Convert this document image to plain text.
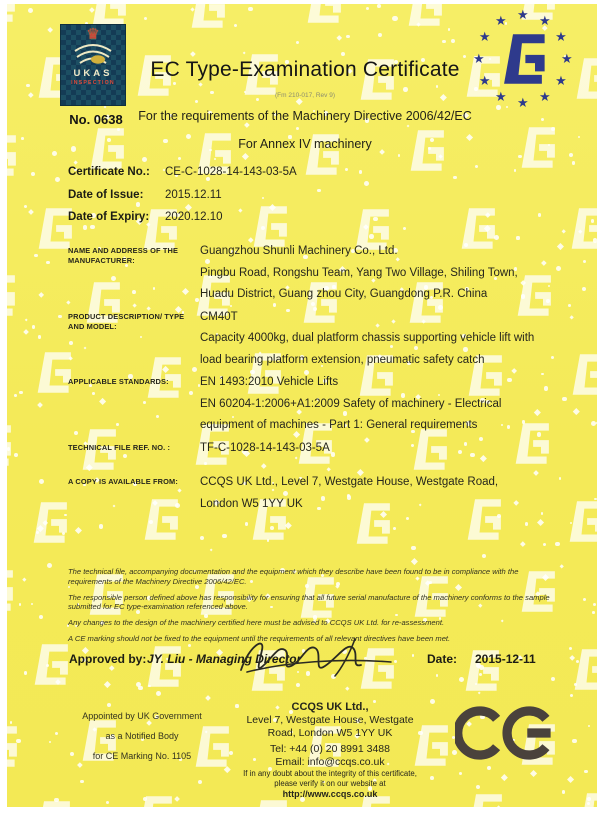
♛
UKAS
INSPECTION
No. 0638
EC Type-Examination Certificate
(Fm 210-017, Rev 9)
For the requirements of the Machinery Directive 2006/42/EC
For Annex IV machinery
★
★
★
★
★
★
★
★
★ ★ ★
★
Certificate No.:	CE-C-1028-14-143-03-5A
Date of Issue:	2015.12.11
Date of Expiry:	2020.12.10
NAME AND ADDRESS OF THE
MANUFACTURER:
Guangzhou Shunli Machinery Co., Ltd.
Pingbu Road, Rongshu Team, Yang Two Village, Shiling Town,
Huadu District, Guang zhou City, Guangdong P.R. China
PRODUCT DESCRIPTION/ TYPE
AND MODEL:
CM40T
Capacity 4000kg, dual platform chassis supporting vehicle lift with
load bearing platform extension, pneumatic safety catch
APPLICABLE STANDARDS:	EN 1493:2010 Vehicle Lifts
EN 60204-1:2006+A1:2009 Safety of machinery - Electrical
equipment of machines - Part 1: General requirements
TECHNICAL FILE REF. NO. :	TF-C-1028-14-143-03-5A
A COPY IS AVAILABLE FROM:	CCQS UK Ltd., Level 7, Westgate House, Westgate Road,
London W5 1YY UK
The technical file, accompanying documentation and the equipment which they describe have been found to be in compliance with the requirements of the Machinery Directive 2006/42/EC.
The responsible person defined above has responsibility for ensuring that all future serial manufacture of the machinery conforms to the sample submitted for EC type-examination referenced above.
Any changes to the design of the machinery certified here must be advised to CCQS UK Ltd. for re-assessment.
A CE marking should not be fixed to the equipment until the requirements of all relevant directives have been met.
Approved by: JY. Liu - Managing Director	Date: 2015-12-11
Appointed by UK Government
as a Notified Body
for CE Marking No. 1105
CCQS UK Ltd.,
Level 7, Westgate House, Westgate
Road, London W5 1YY UK
Tel: +44 (0) 20 8991 3488
Email: info@ccqs.co.uk
If in any doubt about the integrity of this certificate,
please verify it on our website at
http://www.ccqs.co.uk
